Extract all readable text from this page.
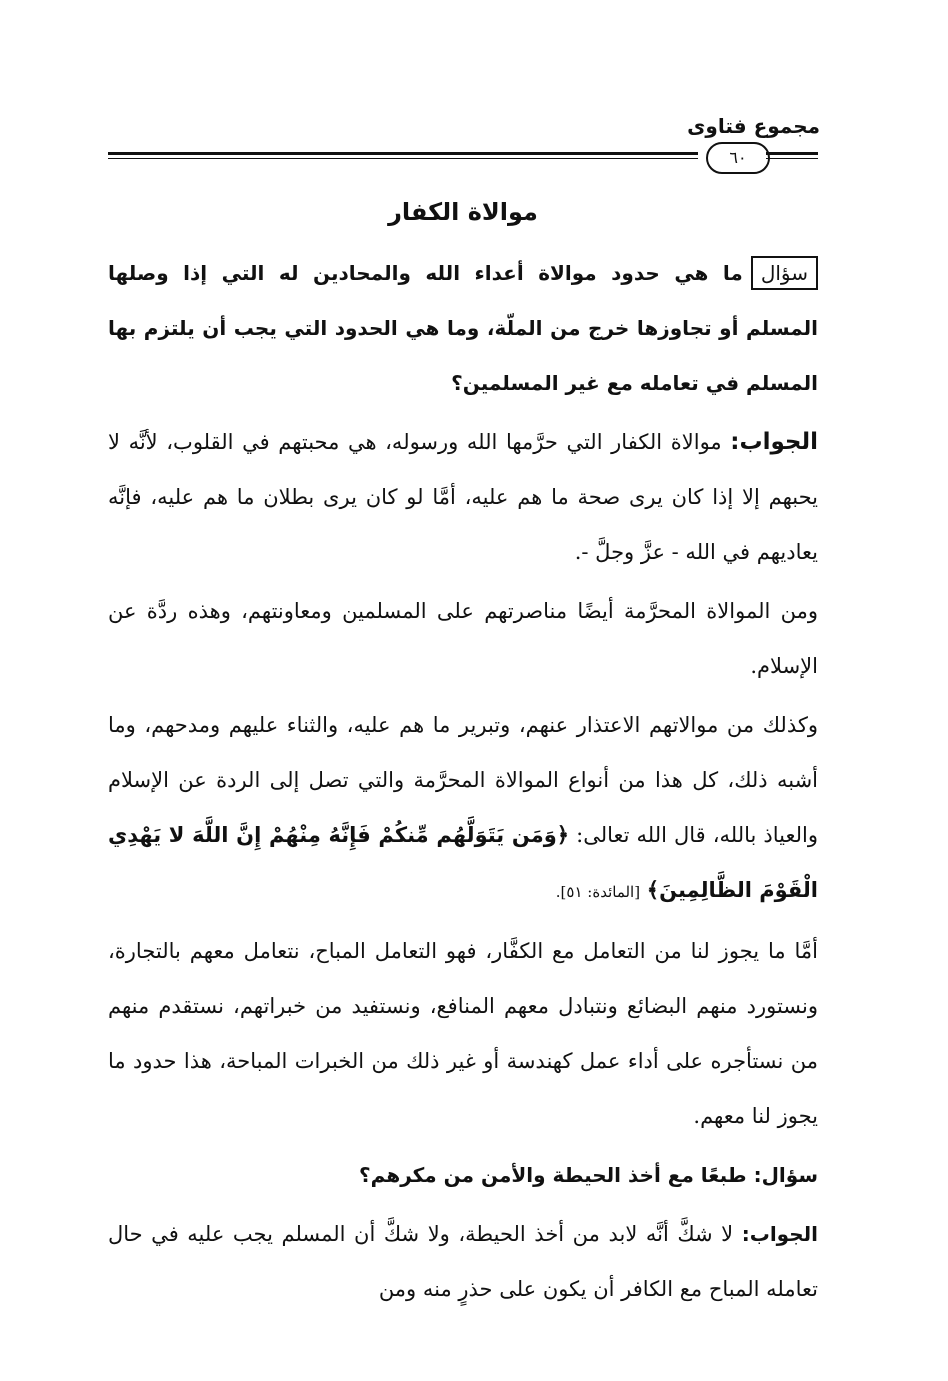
مجموع فتاوى
٦٠
موالاة الكفار

سؤالما هي حدود موالاة أعداء الله والمحادين له التي إذا وصلها المسلم أو تجاوزها خرج من الملّة، وما هي الحدود التي يجب أن يلتزم بها المسلم في تعامله مع غير المسلمين؟

الجواب: موالاة الكفار التي حرَّمها الله ورسوله، هي محبتهم في القلوب، لأنَّه لا يحبهم إلا إذا كان يرى صحة ما هم عليه، أمَّا لو كان يرى بطلان ما هم عليه، فإنَّه يعاديهم في الله - عزَّ وجلَّ -.

ومن الموالاة المحرَّمة أيضًا مناصرتهم على المسلمين ومعاونتهم، وهذه ردَّة عن الإسلام.

وكذلك من موالاتهم الاعتذار عنهم، وتبرير ما هم عليه، والثناء عليهم ومدحهم، وما أشبه ذلك، كل هذا من أنواع الموالاة المحرَّمة والتي تصل إلى الردة عن الإسلام والعياذ بالله، قال الله تعالى: ﴿وَمَن يَتَوَلَّهُم مِّنكُمْ فَإِنَّهُ مِنْهُمْ إِنَّ اللَّهَ لا يَهْدِي الْقَوْمَ الظَّالِمِينَ﴾ [المائدة: ٥١].

أمَّا ما يجوز لنا من التعامل مع الكفَّار، فهو التعامل المباح، نتعامل معهم بالتجارة، ونستورد منهم البضائع ونتبادل معهم المنافع، ونستفيد من خبراتهم، نستقدم منهم من نستأجره على أداء عمل كهندسة أو غير ذلك من الخبرات المباحة، هذا حدود ما يجوز لنا معهم.

سؤال: طبعًا مع أخذ الحيطة والأمن من مكرهم؟

الجواب: لا شكَّ أنَّه لابد من أخذ الحيطة، ولا شكَّ أن المسلم يجب عليه في حال تعامله المباح مع الكافر أن يكون على حذرٍ منه ومن
